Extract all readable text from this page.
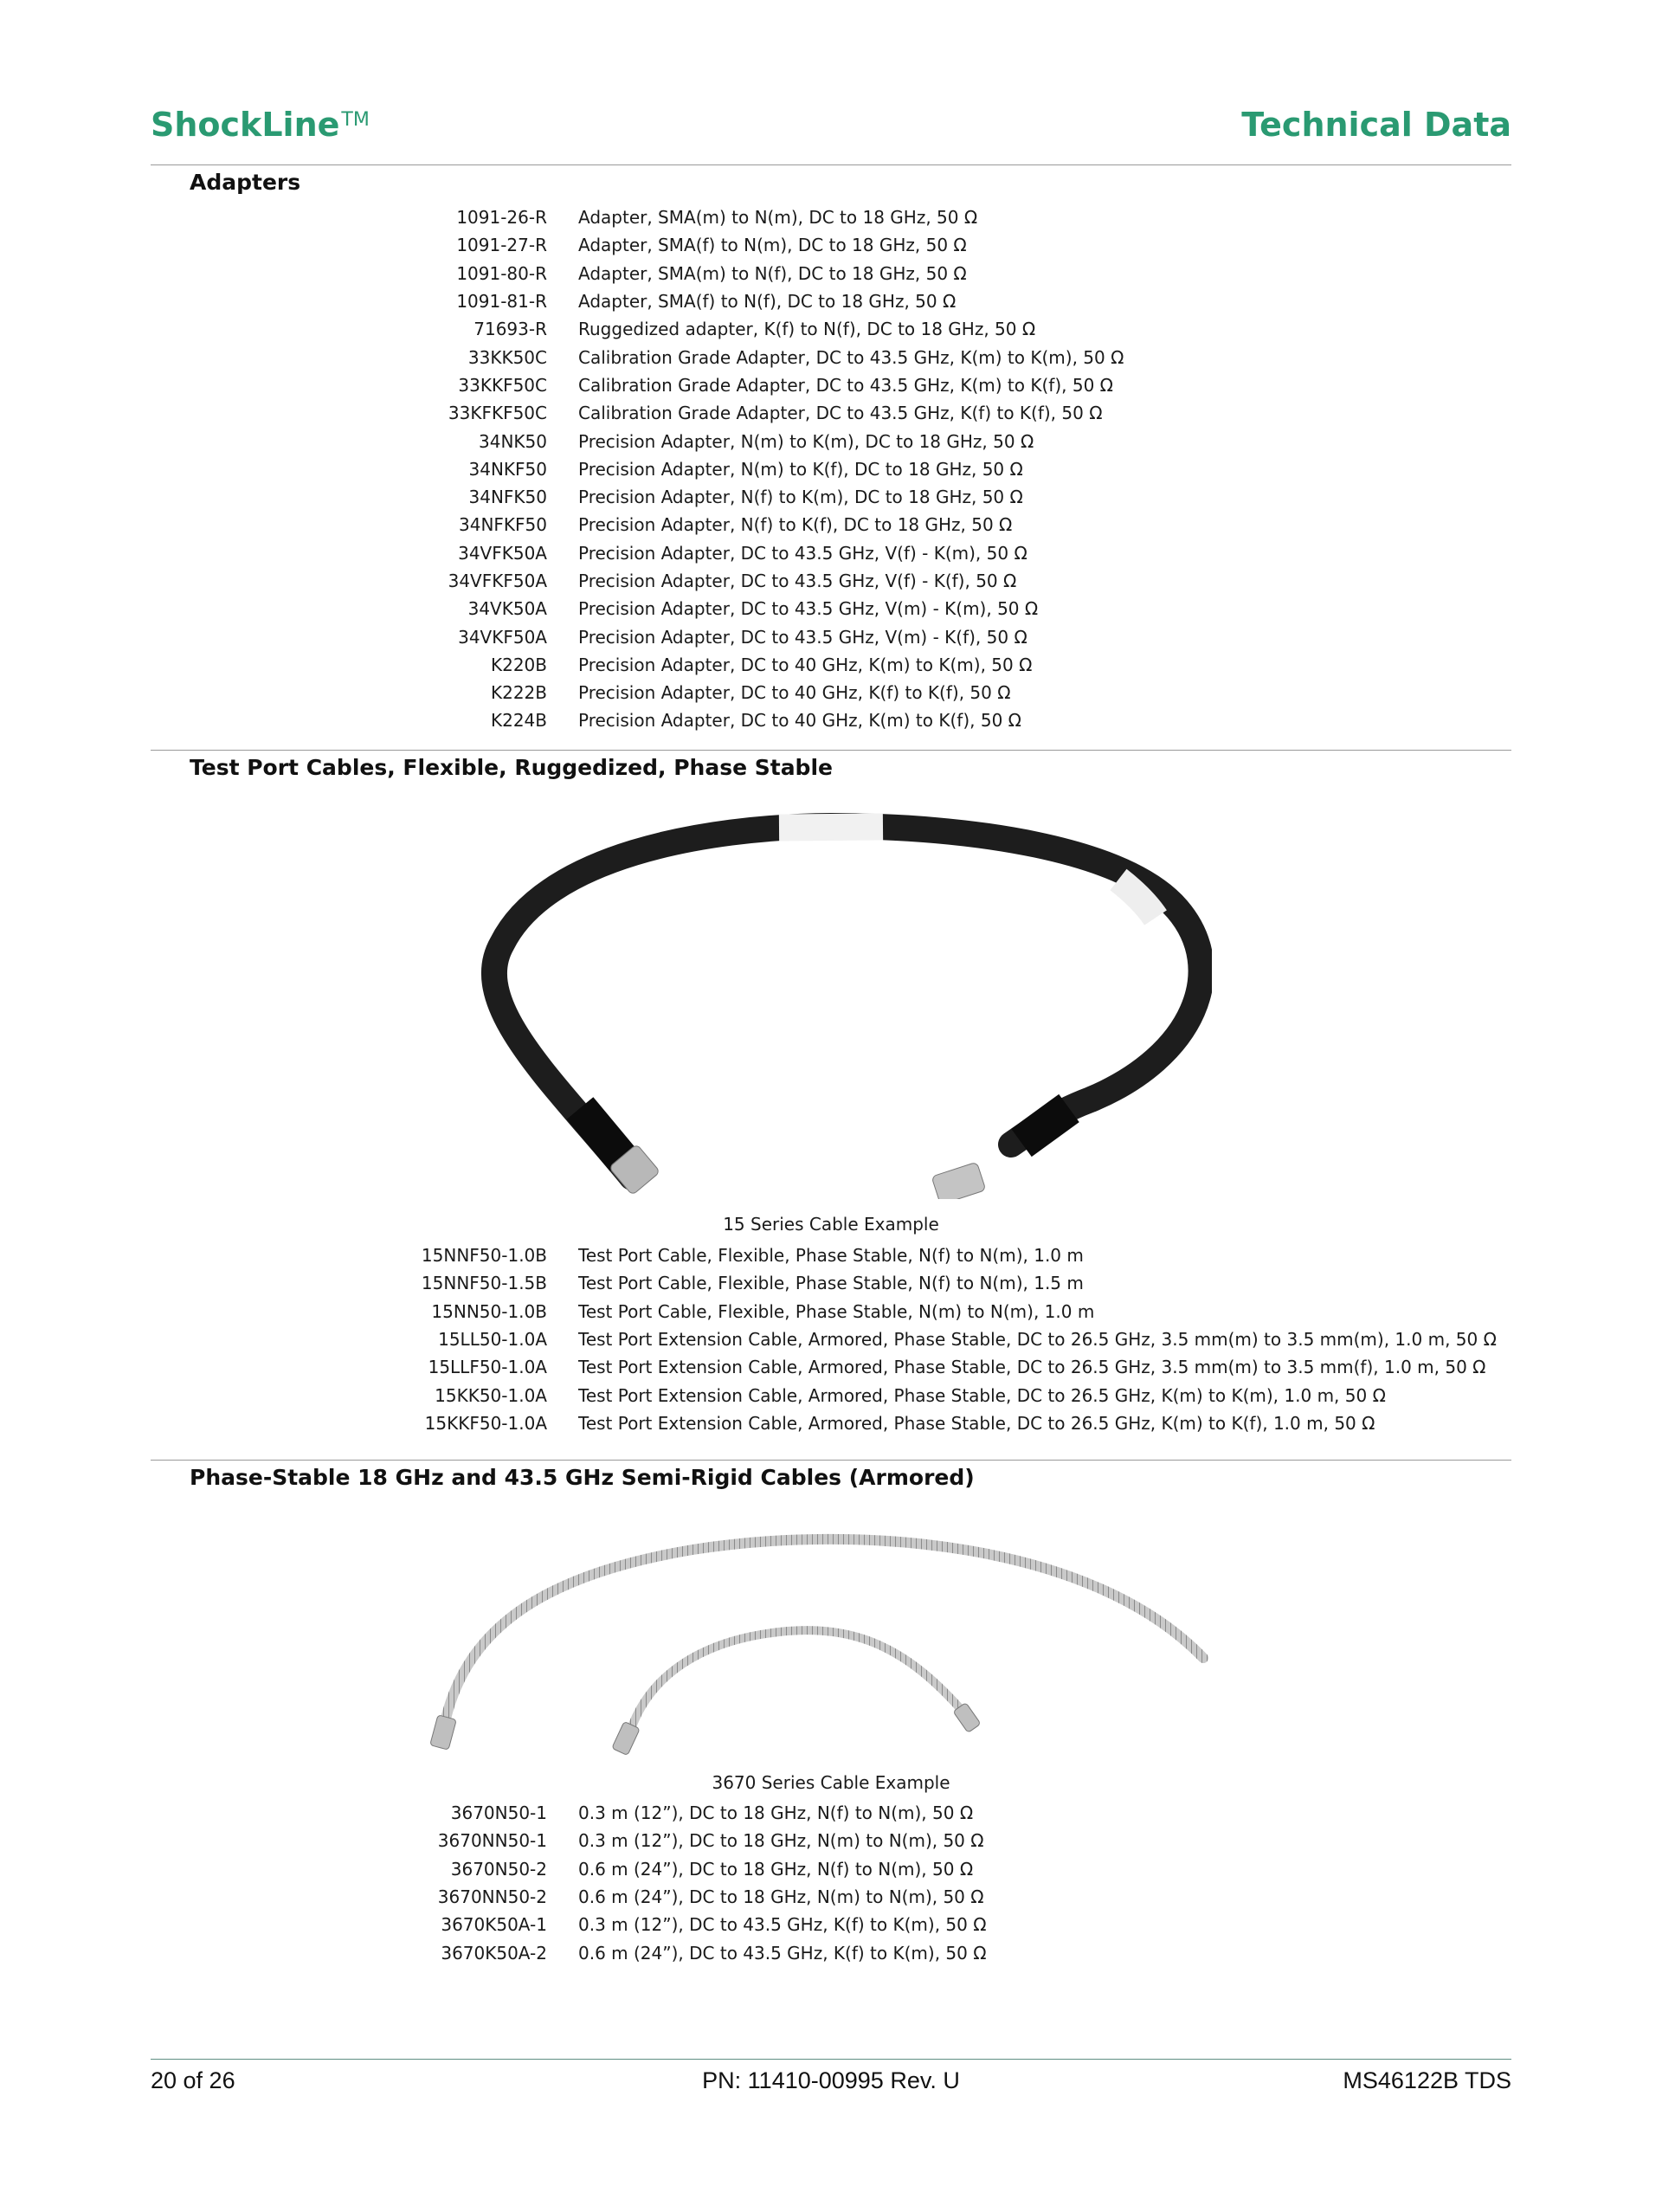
ShockLine™	Technical Data
Adapters
1091-26-R Adapter, SMA(m) to N(m), DC to 18 GHz, 50 Ω
1091-27-R Adapter, SMA(f) to N(m), DC to 18 GHz, 50 Ω
1091-80-R Adapter, SMA(m) to N(f), DC to 18 GHz, 50 Ω
1091-81-R Adapter, SMA(f) to N(f), DC to 18 GHz, 50 Ω
71693-R Ruggedized adapter, K(f) to N(f), DC to 18 GHz, 50 Ω
33KK50C Calibration Grade Adapter, DC to 43.5 GHz, K(m) to K(m), 50 Ω
33KKF50C Calibration Grade Adapter, DC to 43.5 GHz, K(m) to K(f), 50 Ω
33KFKF50C Calibration Grade Adapter, DC to 43.5 GHz, K(f) to K(f), 50 Ω
34NK50 Precision Adapter, N(m) to K(m), DC to 18 GHz, 50 Ω
34NKF50 Precision Adapter, N(m) to K(f), DC to 18 GHz, 50 Ω
34NFK50 Precision Adapter, N(f) to K(m), DC to 18 GHz, 50 Ω
34NFKF50 Precision Adapter, N(f) to K(f), DC to 18 GHz, 50 Ω
34VFK50A Precision Adapter, DC to 43.5 GHz, V(f) - K(m), 50 Ω
34VFKF50A Precision Adapter, DC to 43.5 GHz, V(f) - K(f), 50 Ω
34VK50A Precision Adapter, DC to 43.5 GHz, V(m) - K(m), 50 Ω
34VKF50A Precision Adapter, DC to 43.5 GHz, V(m) - K(f), 50 Ω
K220B Precision Adapter, DC to 40 GHz, K(m) to K(m), 50 Ω
K222B Precision Adapter, DC to 40 GHz, K(f) to K(f), 50 Ω
K224B Precision Adapter, DC to 40 GHz, K(m) to K(f), 50 Ω
Test Port Cables, Flexible, Ruggedized, Phase Stable
15 Series Cable Example
15NNF50-1.0B Test Port Cable, Flexible, Phase Stable, N(f) to N(m), 1.0 m
15NNF50-1.5B Test Port Cable, Flexible, Phase Stable, N(f) to N(m), 1.5 m
15NN50-1.0B Test Port Cable, Flexible, Phase Stable, N(m) to N(m), 1.0 m
15LL50-1.0A Test Port Extension Cable, Armored, Phase Stable, DC to 26.5 GHz, 3.5 mm(m) to 3.5 mm(m), 1.0 m, 50 Ω
15LLF50-1.0A Test Port Extension Cable, Armored, Phase Stable, DC to 26.5 GHz, 3.5 mm(m) to 3.5 mm(f), 1.0 m, 50 Ω
15KK50-1.0A Test Port Extension Cable, Armored, Phase Stable, DC to 26.5 GHz, K(m) to K(m), 1.0 m, 50 Ω
15KKF50-1.0A Test Port Extension Cable, Armored, Phase Stable, DC to 26.5 GHz, K(m) to K(f), 1.0 m, 50 Ω
Phase-Stable 18 GHz and 43.5 GHz Semi-Rigid Cables (Armored)
3670 Series Cable Example
3670N50-1 0.3 m (12”), DC to 18 GHz, N(f) to N(m), 50 Ω
3670NN50-1 0.3 m (12”), DC to 18 GHz, N(m) to N(m), 50 Ω
3670N50-2 0.6 m (24”), DC to 18 GHz, N(f) to N(m), 50 Ω
3670NN50-2 0.6 m (24”), DC to 18 GHz, N(m) to N(m), 50 Ω
3670K50A-1 0.3 m (12”), DC to 43.5 GHz, K(f) to K(m), 50 Ω
3670K50A-2 0.6 m (24”), DC to 43.5 GHz, K(f) to K(m), 50 Ω
20 of 26	PN: 11410-00995 Rev. U	MS46122B TDS
